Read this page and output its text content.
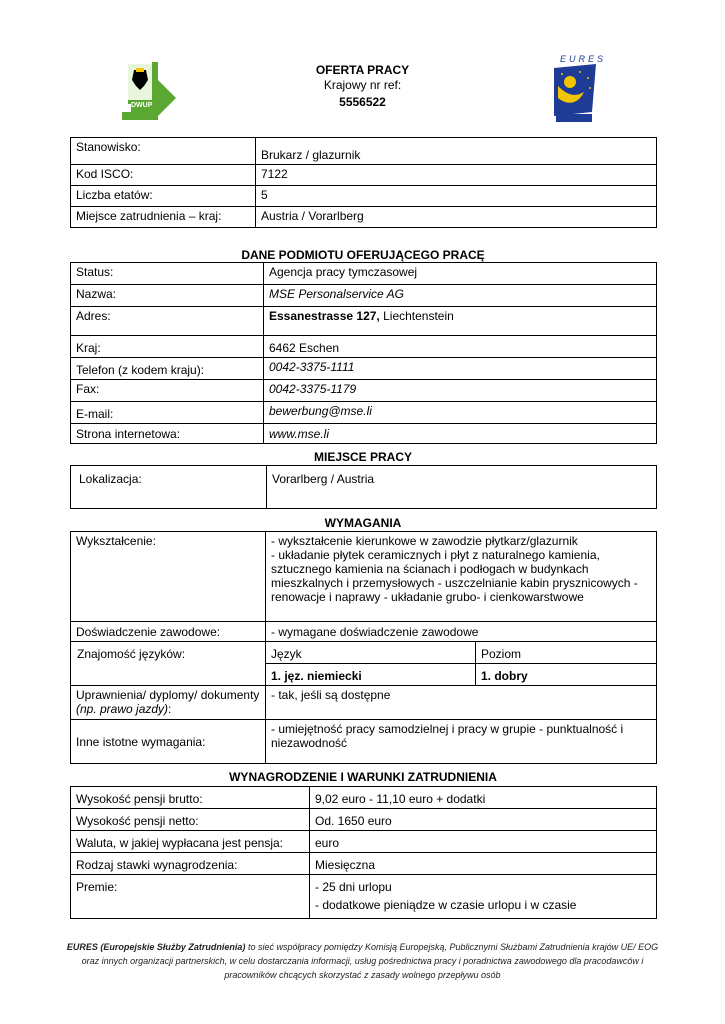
DWUP
OFERTA PRACY
Krajowy nr ref:
5556522
EURES
Stanowisko:	Brukarz / glazurnik
Kod ISCO:	7122
Liczba etatów:	5
Miejsce zatrudnienia – kraj:	Austria / Vorarlberg
DANE PODMIOTU OFERUJĄCEGO PRACĘ
Status:	Agencja pracy tymczasowej
Nazwa:	MSE Personalservice AG
Adres:	Essanestrasse 127, Liechtenstein
Kraj:	6462 Eschen
Telefon (z kodem kraju):	0042-3375-1111
Fax:	0042-3375-1179
E-mail:	bewerbung@mse.li
Strona internetowa:	www.mse.li
MIEJSCE PRACY
Lokalizacja:	Vorarlberg / Austria
WYMAGANIA
Wykształcenie:	- wykształcenie kierunkowe w zawodzie płytkarz/glazurnik
- układanie płytek ceramicznych i płyt z naturalnego kamienia,
sztucznego kamienia na ścianach i podłogach w budynkach
mieszkalnych i przemysłowych - uszczelnianie kabin prysznicowych -
renowacje i naprawy - układanie grubo- i cienkowarstwowe	

Doświadczenie zawodowe:	- wymagane doświadczenie zawodowe	
Znajomość języków:	Język	Poziom
	1. jęz. niemiecki	1. dobry
Uprawnienia/ dyplomy/ dokumenty
(np. prawo jazdy):	- tak, jeśli są dostępne	
Inne istotne wymagania:	- umiejętność pracy samodzielnej i pracy w grupie - punktualność i
niezawodność	
WYNAGRODZENIE I WARUNKI ZATRUDNIENIA
Wysokość pensji brutto:	9,02 euro - 11,10 euro + dodatki
Wysokość pensji netto:	Od. 1650 euro
Waluta, w jakiej wypłacana jest pensja:	euro
Rodzaj stawki wynagrodzenia:	Miesięczna
Premie:	- 25 dni urlopu
- dodatkowe pieniądze w czasie urlopu i w czasie
EURES (Europejskie Służby Zatrudnienia) to sieć współpracy pomiędzy Komisją Europejską, Publicznymi Służbami Zatrudnienia krajów UE/ EOG
oraz innych organizacji partnerskich, w celu dostarczania informacji, usług pośrednictwa pracy i poradnictwa zawodowego dla pracodawców i
pracowników chcących skorzystać z zasady wolnego przepływu osób
